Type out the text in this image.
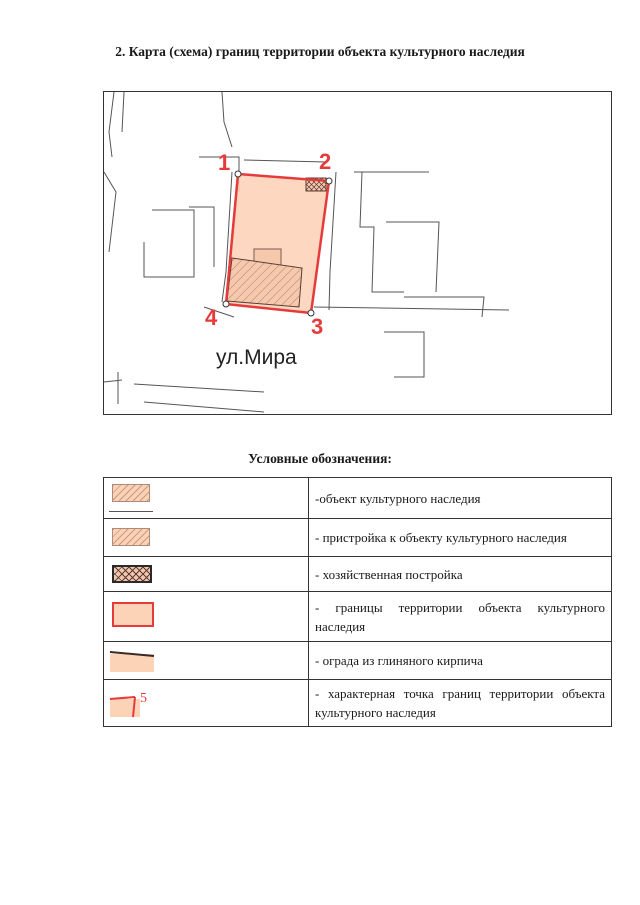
2. Карта (схема) границ территории объекта культурного наследия
1	2
3
4
ул.Мира
Условные обозначения:
	-объект культурного наследия

	- пристройка к объекту культурного наследия

	- хозяйственная постройка

	- границы территории объекта культурного наследия

	- ограда из глиняного кирпича

5	- характерная точка границ территории объекта культурного наследия
